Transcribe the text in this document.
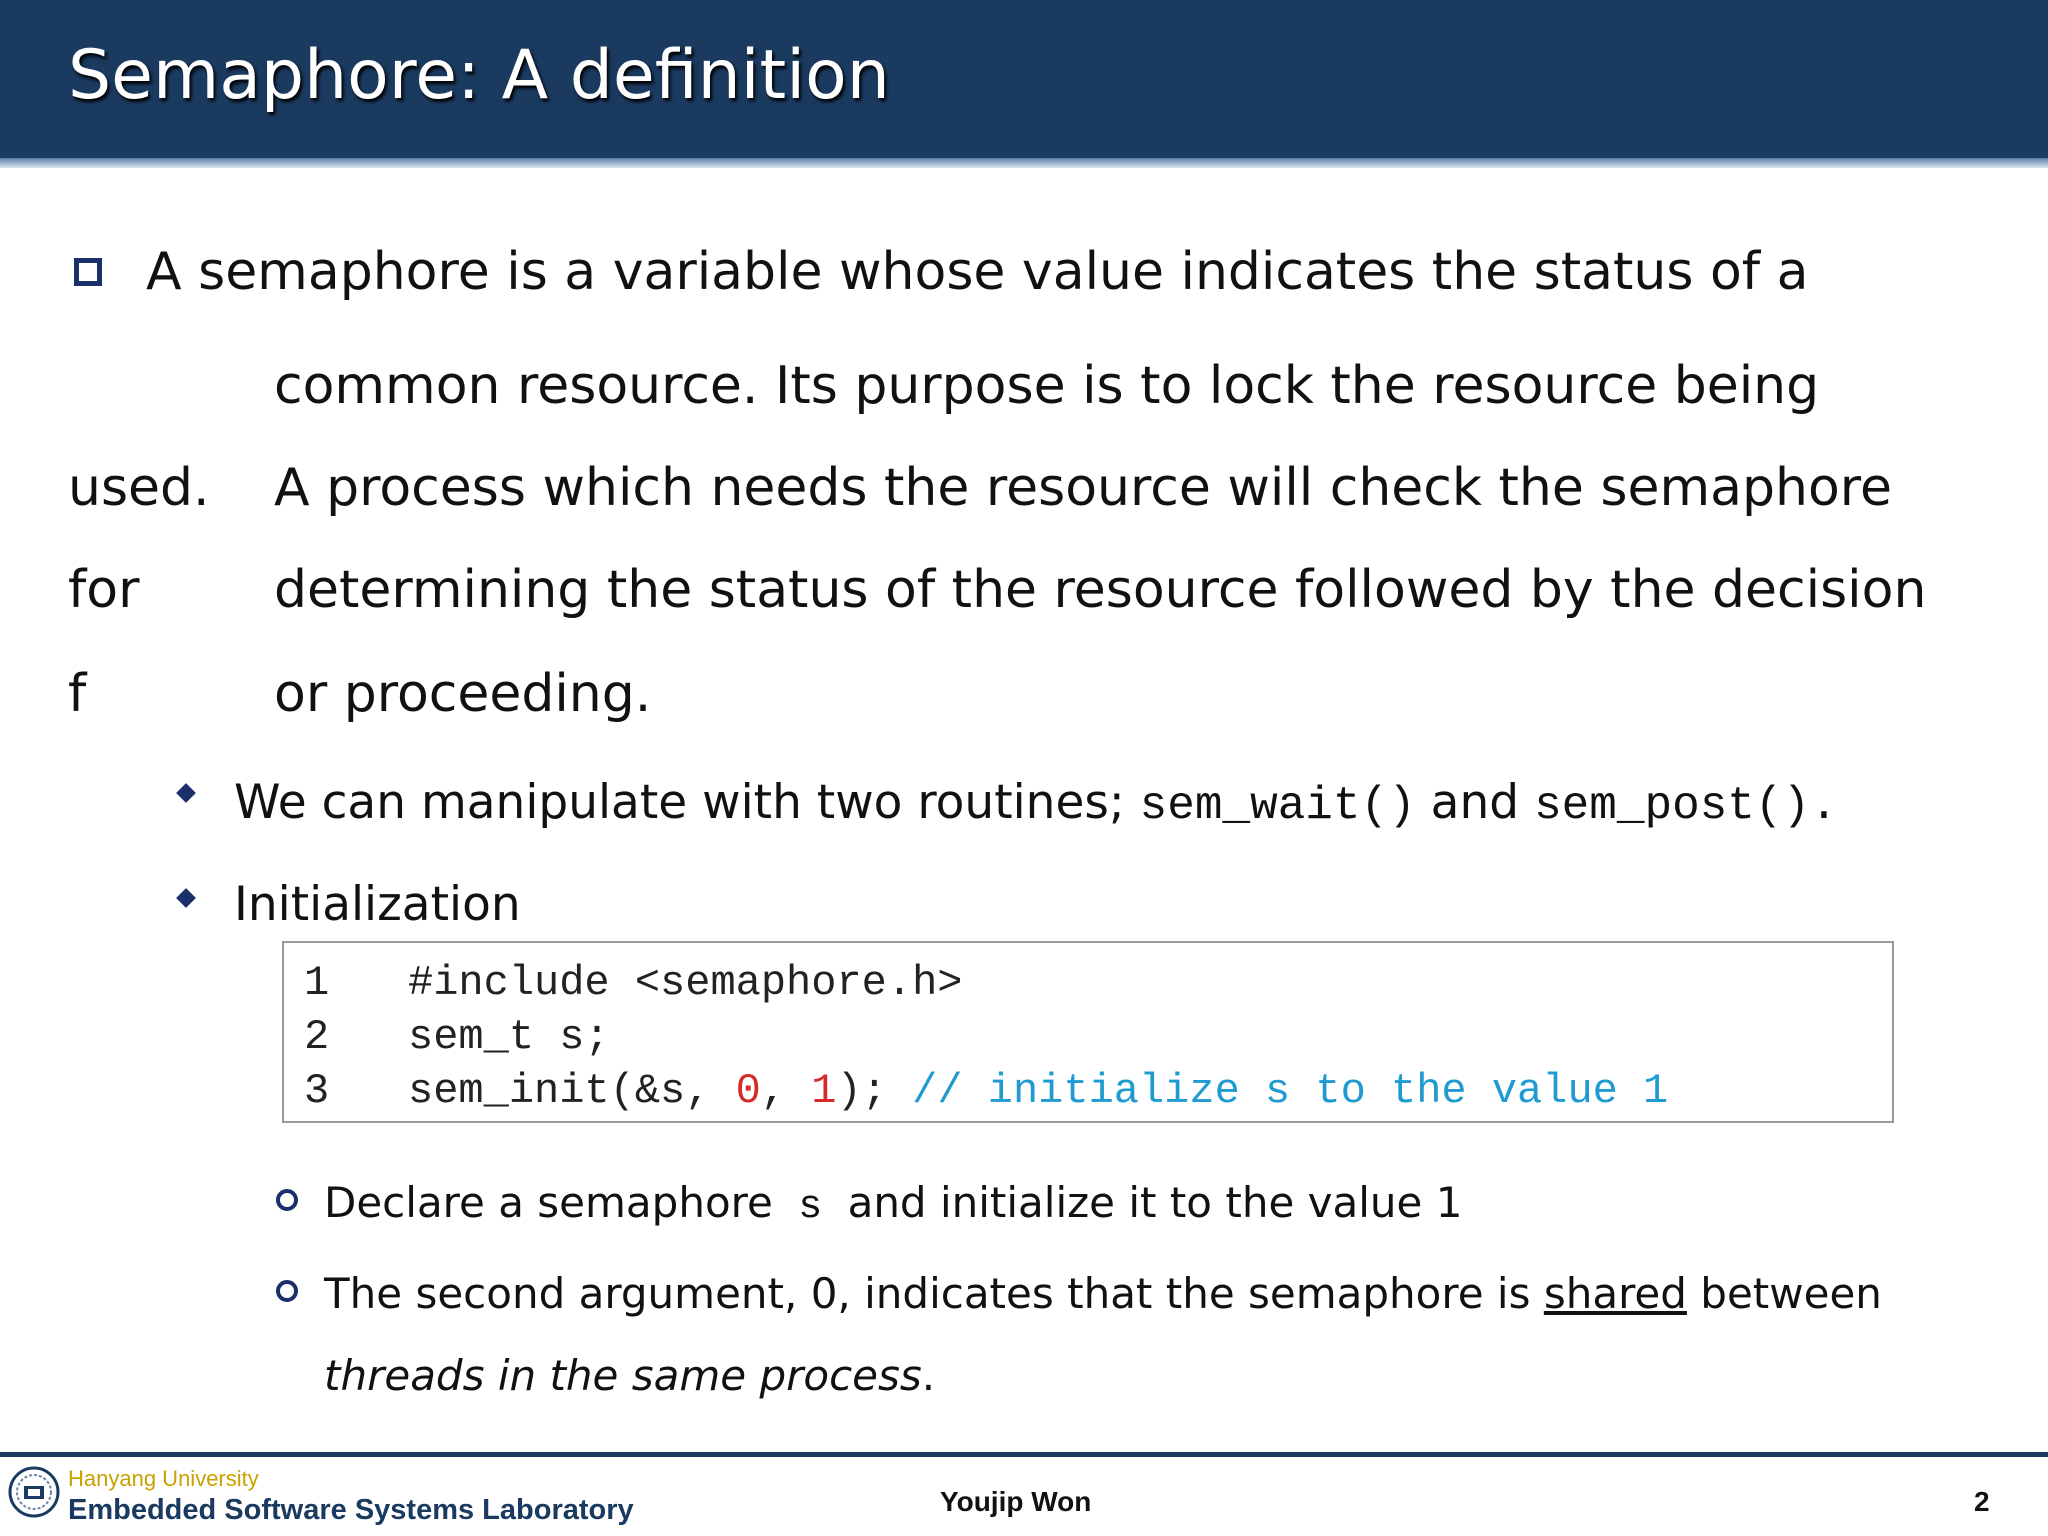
Semaphore: A definition
A semaphore is a variable whose value indicates the status of a
common resource. Its purpose is to lock the resource being
used. A process which needs the resource will check the semaphore
for	determining the status of the resource followed by the decision
f	or proceeding.
We can manipulate with two routines; sem_wait() and sem_post().
Initialization
1 #include <semaphore.h>
2 sem_t s;
3 sem_init(&s, 0, 1); // initialize s to the value 1
Declare a semaphore s and initialize it to the value 1
The second argument, 0, indicates that the semaphore is shared between
threads in the same process.
Hanyang University
Embedded Software Systems Laboratory	Youjip Won	2
